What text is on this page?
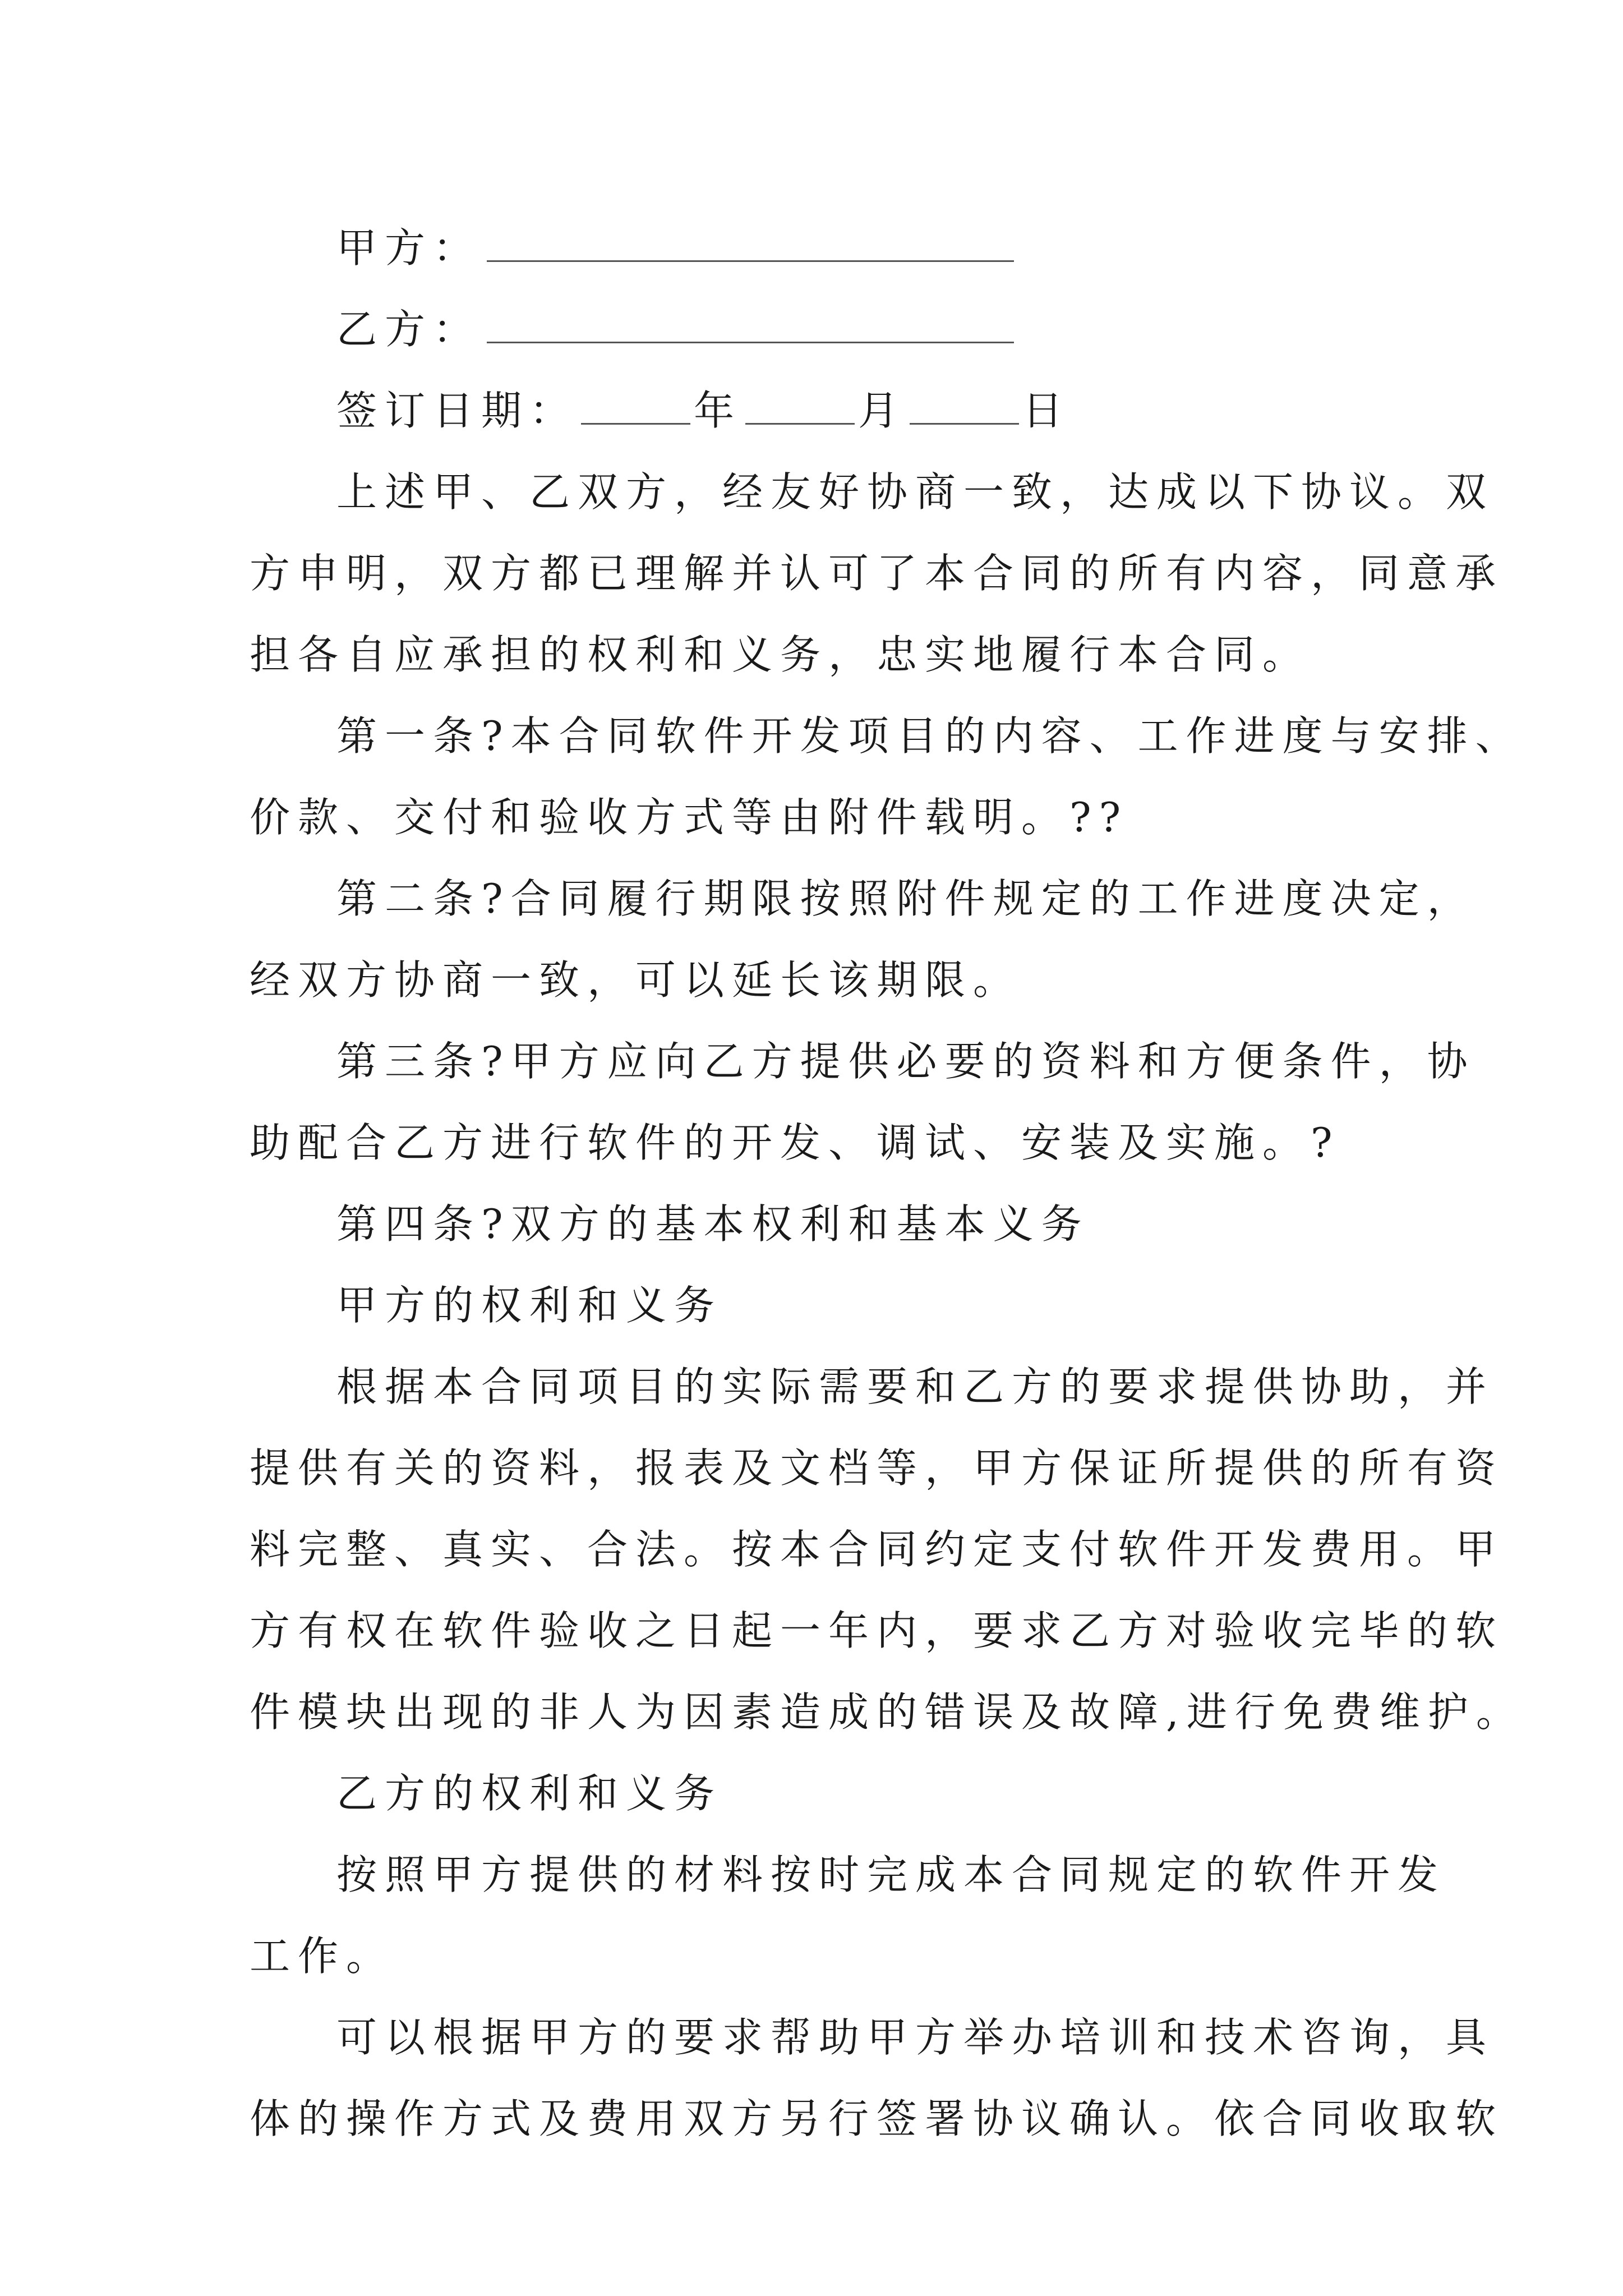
甲方：
乙方：
签订日期：	年	月	日
上述甲、乙双方，经友好协商一致，达成以下协议。双
方申明，双方都已理解并认可了本合同的所有内容，同意承
担各自应承担的权利和义务，忠实地履行本合同。
第一条?本合同软件开发项目的内容、工作进度与安排、
价款、交付和验收方式等由附件载明。??
第二条?合同履行期限按照附件规定的工作进度决定，
经双方协商一致，可以延长该期限。
第三条?甲方应向乙方提供必要的资料和方便条件，协
助配合乙方进行软件的开发、调试、安装及实施。?
第四条?双方的基本权利和基本义务
甲方的权利和义务
根据本合同项目的实际需要和乙方的要求提供协助，并
提供有关的资料，报表及文档等，甲方保证所提供的所有资
料完整、真实、合法。按本合同约定支付软件开发费用。甲
方有权在软件验收之日起一年内，要求乙方对验收完毕的软
件模块出现的非人为因素造成的错误及故障,进行免费维护。
乙方的权利和义务
按照甲方提供的材料按时完成本合同规定的软件开发
工作。
可以根据甲方的要求帮助甲方举办培训和技术咨询，具
体的操作方式及费用双方另行签署协议确认。依合同收取软
